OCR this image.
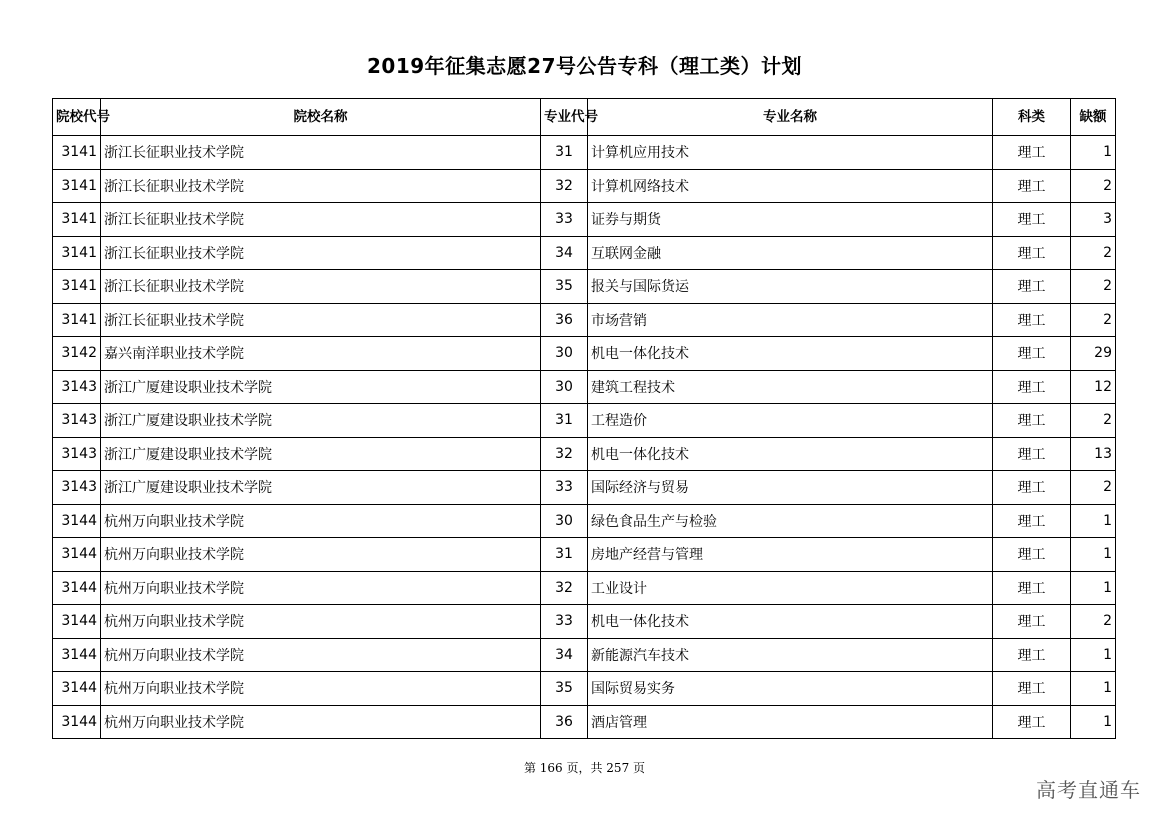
2019年征集志愿27号公告专科（理工类）计划
院校代号	院校名称	专业代号	专业名称	科类	缺额
3141	浙江长征职业技术学院	31	计算机应用技术	理工	1
3141	浙江长征职业技术学院	32	计算机网络技术	理工	2
3141	浙江长征职业技术学院	33	证券与期货	理工	3
3141	浙江长征职业技术学院	34	互联网金融	理工	2
3141	浙江长征职业技术学院	35	报关与国际货运	理工	2
3141	浙江长征职业技术学院	36	市场营销	理工	2
3142	嘉兴南洋职业技术学院	30	机电一体化技术	理工	29
3143	浙江广厦建设职业技术学院	30	建筑工程技术	理工	12
3143	浙江广厦建设职业技术学院	31	工程造价	理工	2
3143	浙江广厦建设职业技术学院	32	机电一体化技术	理工	13
3143	浙江广厦建设职业技术学院	33	国际经济与贸易	理工	2
3144	杭州万向职业技术学院	30	绿色食品生产与检验	理工	1
3144	杭州万向职业技术学院	31	房地产经营与管理	理工	1
3144	杭州万向职业技术学院	32	工业设计	理工	1
3144	杭州万向职业技术学院	33	机电一体化技术	理工	2
3144	杭州万向职业技术学院	34	新能源汽车技术	理工	1
3144	杭州万向职业技术学院	35	国际贸易实务	理工	1
3144	杭州万向职业技术学院	36	酒店管理	理工	1
第 166 页，共 257 页
高考直通车
